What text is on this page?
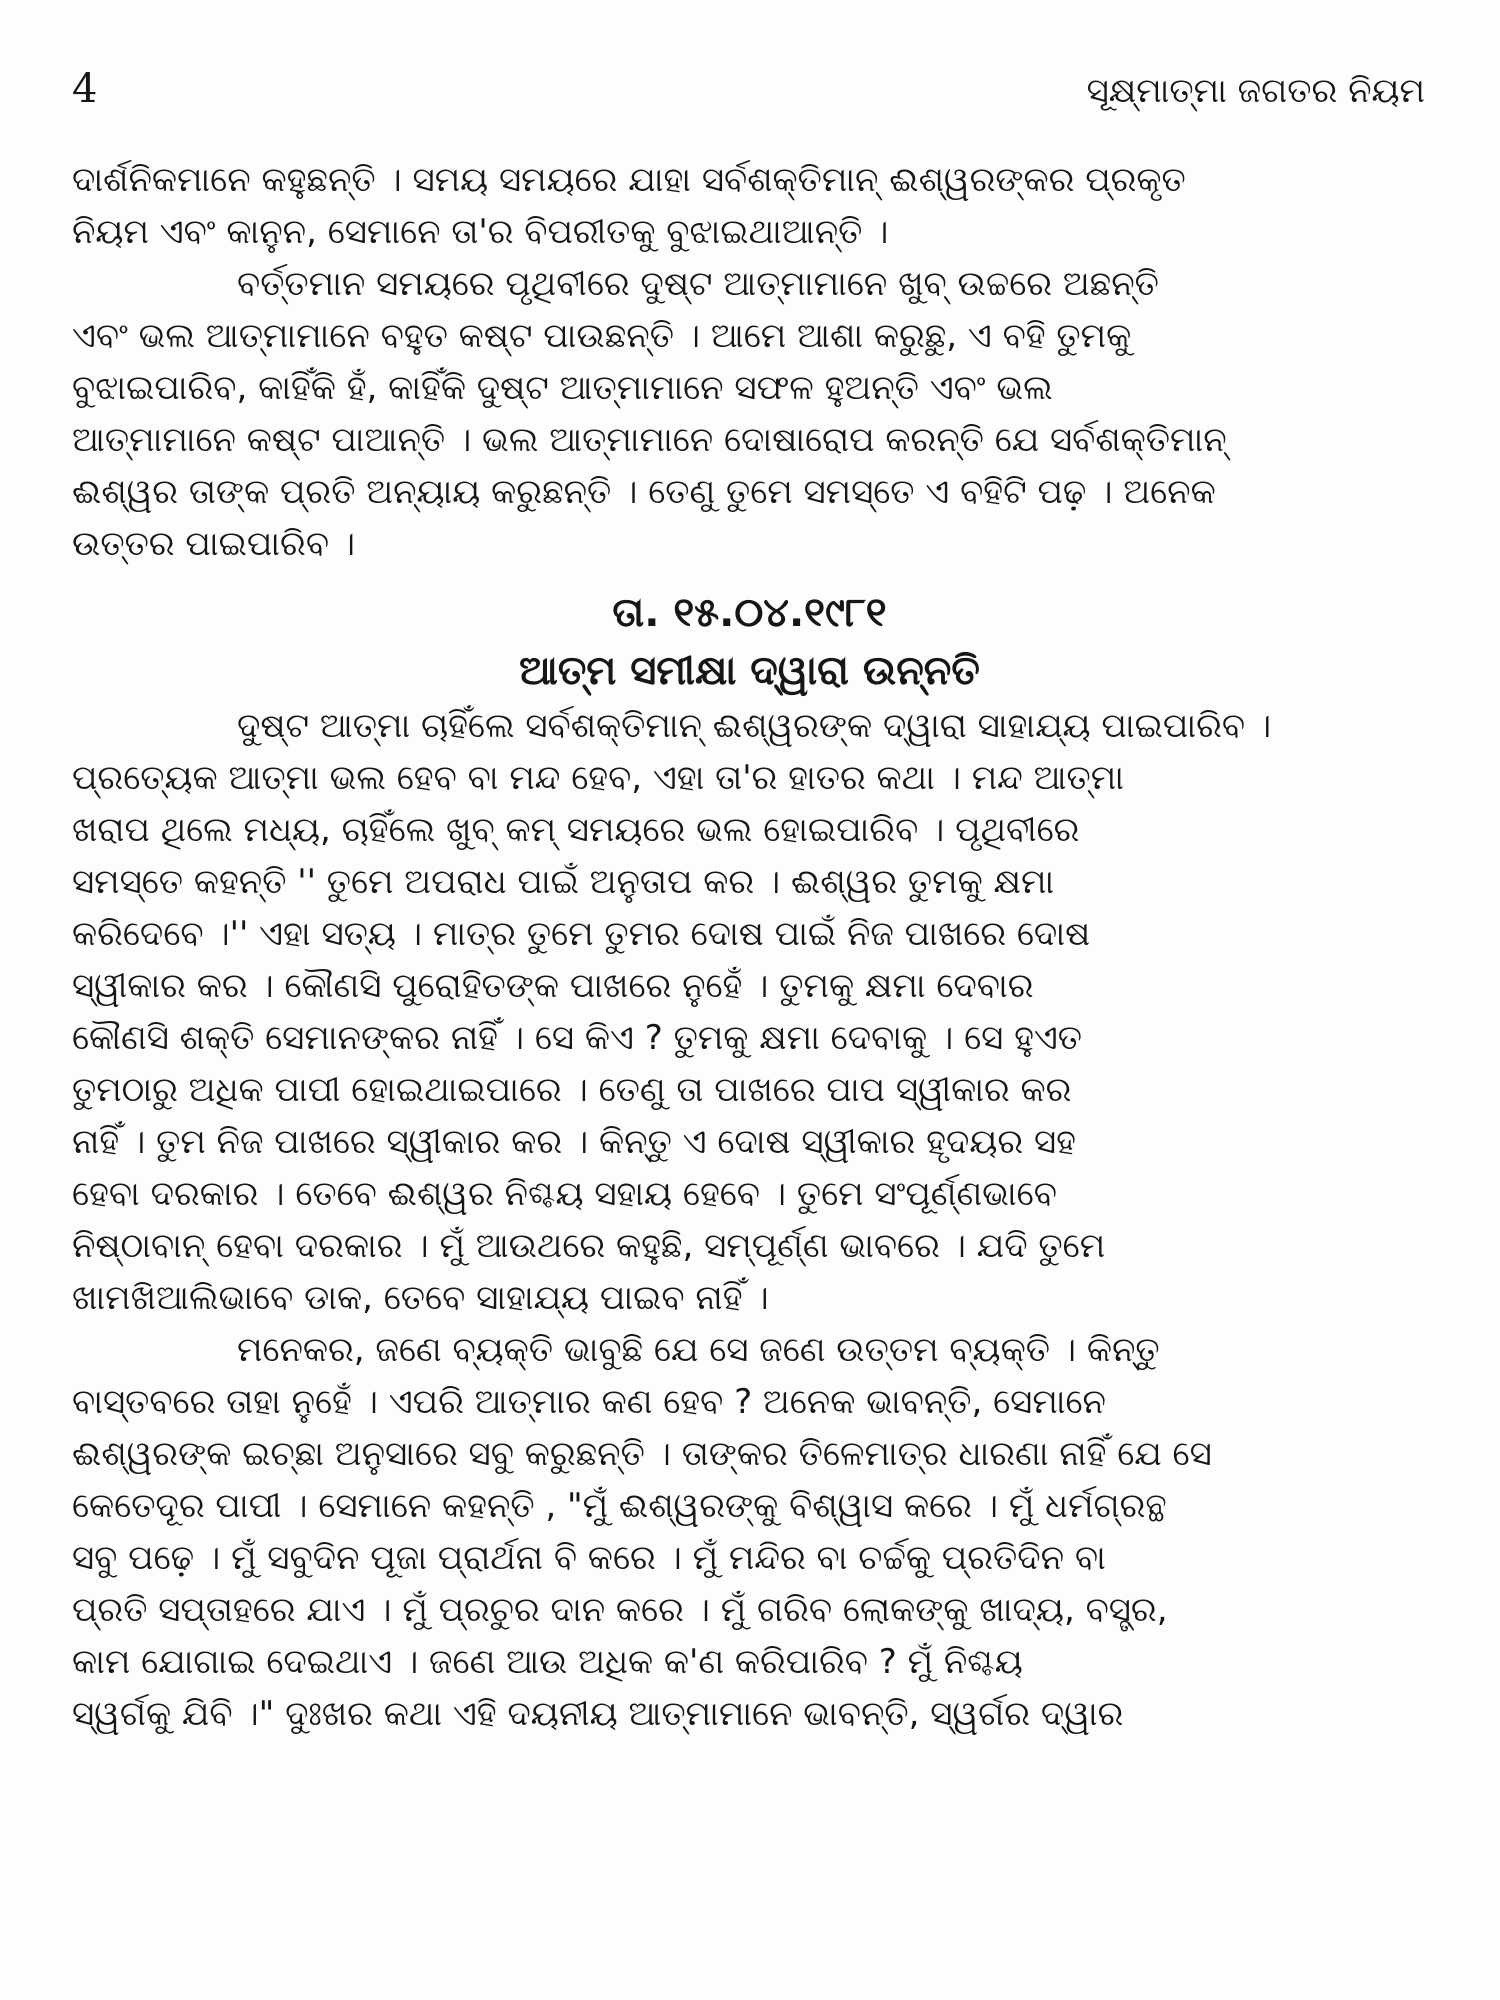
4	ସୂକ୍ଷ୍ମାତ୍ମା ଜଗତର ନିୟମ
ଦାର୍ଶନିକମାନେ କହୁଛନ୍ତି । ସମୟ ସମୟରେ ଯାହା ସର୍ବଶକ୍ତିମାନ୍ ଈଶ୍ୱରଙ୍କର ପ୍ରକୃତ
ନିୟମ ଏବଂ କାନୁନ, ସେମାନେ ତା'ର ବିପରୀତକୁ ବୁଝାଇଥାଆନ୍ତି ।
ବର୍ତ୍ତମାନ ସମୟରେ ପୃଥିବୀରେ ଦୁଷ୍ଟ ଆତ୍ମାମାନେ ଖୁବ୍ ଉଚ୍ଚରେ ଅଛନ୍ତି
ଏବଂ ଭଲ ଆତ୍ମାମାନେ ବହୁତ କଷ୍ଟ ପାଉଛନ୍ତି । ଆମେ ଆଶା କରୁଛୁ, ଏ ବହି ତୁମକୁ
ବୁଝାଇପାରିବ, କାହିଁକି ହଁ, କାହିଁକି ଦୁଷ୍ଟ ଆତ୍ମାମାନେ ସଫଳ ହୁଅନ୍ତି ଏବଂ ଭଲ
ଆତ୍ମାମାନେ କଷ୍ଟ ପାଆନ୍ତି । ଭଲ ଆତ୍ମାମାନେ ଦୋଷାରୋପ କରନ୍ତି ଯେ ସର୍ବଶକ୍ତିମାନ୍
ଈଶ୍ୱର ତାଙ୍କ ପ୍ରତି ଅନ୍ୟାୟ କରୁଛନ୍ତି । ତେଣୁ ତୁମେ ସମସ୍ତେ ଏ ବହିଟି ପଢ଼ । ଅନେକ
ଉତ୍ତର ପାଇପାରିବ ।
ତା. ୧୫.୦୪.୧୯୮୧
ଆତ୍ମ ସମୀକ୍ଷା ଦ୍ୱାରା ଉନ୍ନତି
ଦୁଷ୍ଟ ଆତ୍ମା ଚାହିଁଲେ ସର୍ବଶକ୍ତିମାନ୍ ଈଶ୍ୱରଙ୍କ ଦ୍ୱାରା ସାହାଯ୍ୟ ପାଇପାରିବ ।
ପ୍ରତ୍ୟେକ ଆତ୍ମା ଭଲ ହେବ ବା ମନ୍ଦ ହେବ, ଏହା ତା'ର ହାତର କଥା । ମନ୍ଦ ଆତ୍ମା
ଖରାପ ଥିଲେ ମଧ୍ୟ, ଚାହିଁଲେ ଖୁବ୍ କମ୍ ସମୟରେ ଭଲ ହୋଇପାରିବ । ପୃଥିବୀରେ
ସମସ୍ତେ କହନ୍ତି '' ତୁମେ ଅପରାଧ ପାଇଁ ଅନୁତାପ କର । ଈଶ୍ୱର ତୁମକୁ କ୍ଷମା
କରିଦେବେ ।'' ଏହା ସତ୍ୟ । ମାତ୍ର ତୁମେ ତୁମର ଦୋଷ ପାଇଁ ନିଜ ପାଖରେ ଦୋଷ
ସ୍ୱୀକାର କର । କୌଣସି ପୁରୋହିତଙ୍କ ପାଖରେ ନୁହେଁ । ତୁମକୁ କ୍ଷମା ଦେବାର
କୌଣସି ଶକ୍ତି ସେମାନଙ୍କର ନାହିଁ । ସେ କିଏ ? ତୁମକୁ କ୍ଷମା ଦେବାକୁ । ସେ ହୁଏତ
ତୁମଠାରୁ ଅଧିକ ପାପୀ ହୋଇଥାଇପାରେ । ତେଣୁ ତା ପାଖରେ ପାପ ସ୍ୱୀକାର କର
ନାହିଁ । ତୁମ ନିଜ ପାଖରେ ସ୍ୱୀକାର କର । କିନ୍ତୁ ଏ ଦୋଷ ସ୍ୱୀକାର ହୃଦୟର ସହ
ହେବା ଦରକାର । ତେବେ ଈଶ୍ୱର ନିଶ୍ଚୟ ସହାୟ ହେବେ । ତୁମେ ସଂପୂର୍ଣ୍ଣଭାବେ
ନିଷ୍ଠାବାନ୍ ହେବା ଦରକାର । ମୁଁ ଆଉଥରେ କହୁଛି, ସମ୍ପୂର୍ଣ୍ଣ ଭାବରେ । ଯଦି ତୁମେ
ଖାମଖିଆଲିଭାବେ ଡାକ, ତେବେ ସାହାଯ୍ୟ ପାଇବ ନାହିଁ ।
ମନେକର, ଜଣେ ବ୍ୟକ୍ତି ଭାବୁଛି ଯେ ସେ ଜଣେ ଉତ୍ତମ ବ୍ୟକ୍ତି । କିନ୍ତୁ
ବାସ୍ତବରେ ତାହା ନୁହେଁ । ଏପରି ଆତ୍ମାର କଣ ହେବ ? ଅନେକ ଭାବନ୍ତି, ସେମାନେ
ଈଶ୍ୱରଙ୍କ ଇଚ୍ଛା ଅନୁସାରେ ସବୁ କରୁଛନ୍ତି । ତାଙ୍କର ତିଳେମାତ୍ର ଧାରଣା ନାହିଁ ଯେ ସେ
କେତେଦୂର ପାପୀ । ସେମାନେ କହନ୍ତି , "ମୁଁ ଈଶ୍ୱରଙ୍କୁ ବିଶ୍ୱାସ କରେ । ମୁଁ ଧର୍ମଗ୍ରନ୍ଥ
ସବୁ ପଢ଼େ । ମୁଁ ସବୁଦିନ ପୂଜା ପ୍ରାର୍ଥନା ବି କରେ । ମୁଁ ମନ୍ଦିର ବା ଚର୍ଚ୍ଚକୁ ପ୍ରତିଦିନ ବା
ପ୍ରତି ସପ୍ତାହରେ ଯାଏ । ମୁଁ ପ୍ରଚୁର ଦାନ କରେ । ମୁଁ ଗରିବ ଲୋକଙ୍କୁ ଖାଦ୍ୟ, ବସ୍ତ୍ର,
କାମ ଯୋଗାଇ ଦେଇଥାଏ । ଜଣେ ଆଉ ଅଧିକ କ'ଣ କରିପାରିବ ? ମୁଁ ନିଶ୍ଚୟ
ସ୍ୱର୍ଗକୁ ଯିବି ।" ଦୁଃଖର କଥା ଏହି ଦୟନୀୟ ଆତ୍ମାମାନେ ଭାବନ୍ତି, ସ୍ୱର୍ଗର ଦ୍ୱାର
